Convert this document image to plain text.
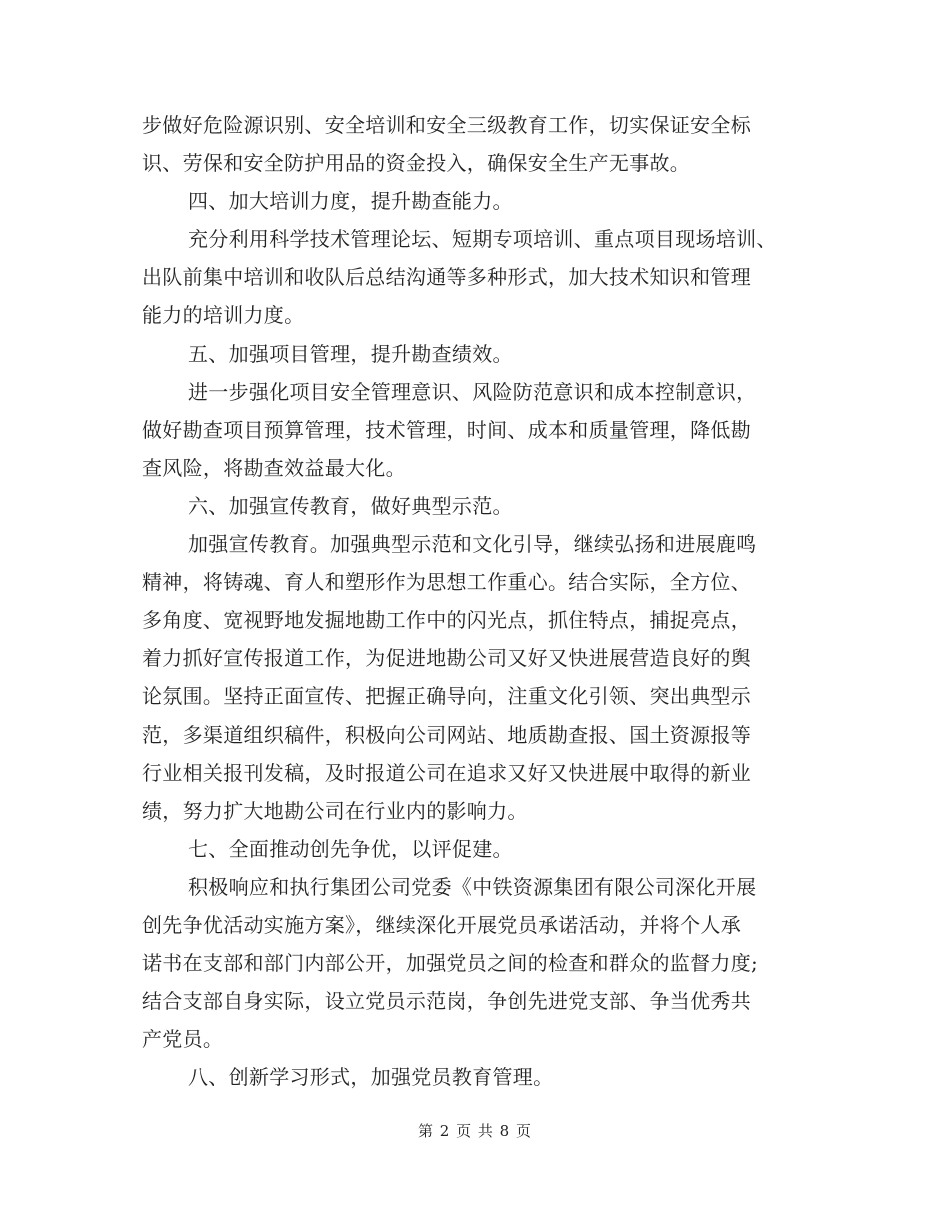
步做好危险源识别、安全培训和安全三级教育工作，切实保证安全标
识、劳保和安全防护用品的资金投入，确保安全生产无事故。
四、加大培训力度，提升勘查能力。
充分利用科学技术管理论坛、短期专项培训、重点项目现场培训、
出队前集中培训和收队后总结沟通等多种形式，加大技术知识和管理
能力的培训力度。
五、加强项目管理，提升勘查绩效。
进一步强化项目安全管理意识、风险防范意识和成本控制意识，
做好勘查项目预算管理，技术管理，时间、成本和质量管理，降低勘
查风险，将勘查效益最大化。
六、加强宣传教育，做好典型示范。
加强宣传教育。加强典型示范和文化引导，继续弘扬和进展鹿鸣
精神，将铸魂、育人和塑形作为思想工作重心。结合实际，全方位、
多角度、宽视野地发掘地勘工作中的闪光点，抓住特点，捕捉亮点，
着力抓好宣传报道工作，为促进地勘公司又好又快进展营造良好的舆
论氛围。坚持正面宣传、把握正确导向，注重文化引领、突出典型示
范，多渠道组织稿件，积极向公司网站、地质勘查报、国土资源报等
行业相关报刊发稿，及时报道公司在追求又好又快进展中取得的新业
绩，努力扩大地勘公司在行业内的影响力。
七、全面推动创先争优，以评促建。
积极响应和执行集团公司党委《中铁资源集团有限公司深化开展
创先争优活动实施方案》，继续深化开展党员承诺活动，并将个人承
诺书在支部和部门内部公开，加强党员之间的检查和群众的监督力度;
结合支部自身实际，设立党员示范岗，争创先进党支部、争当优秀共
产党员。
八、创新学习形式，加强党员教育管理。
第 2 页 共 8 页
